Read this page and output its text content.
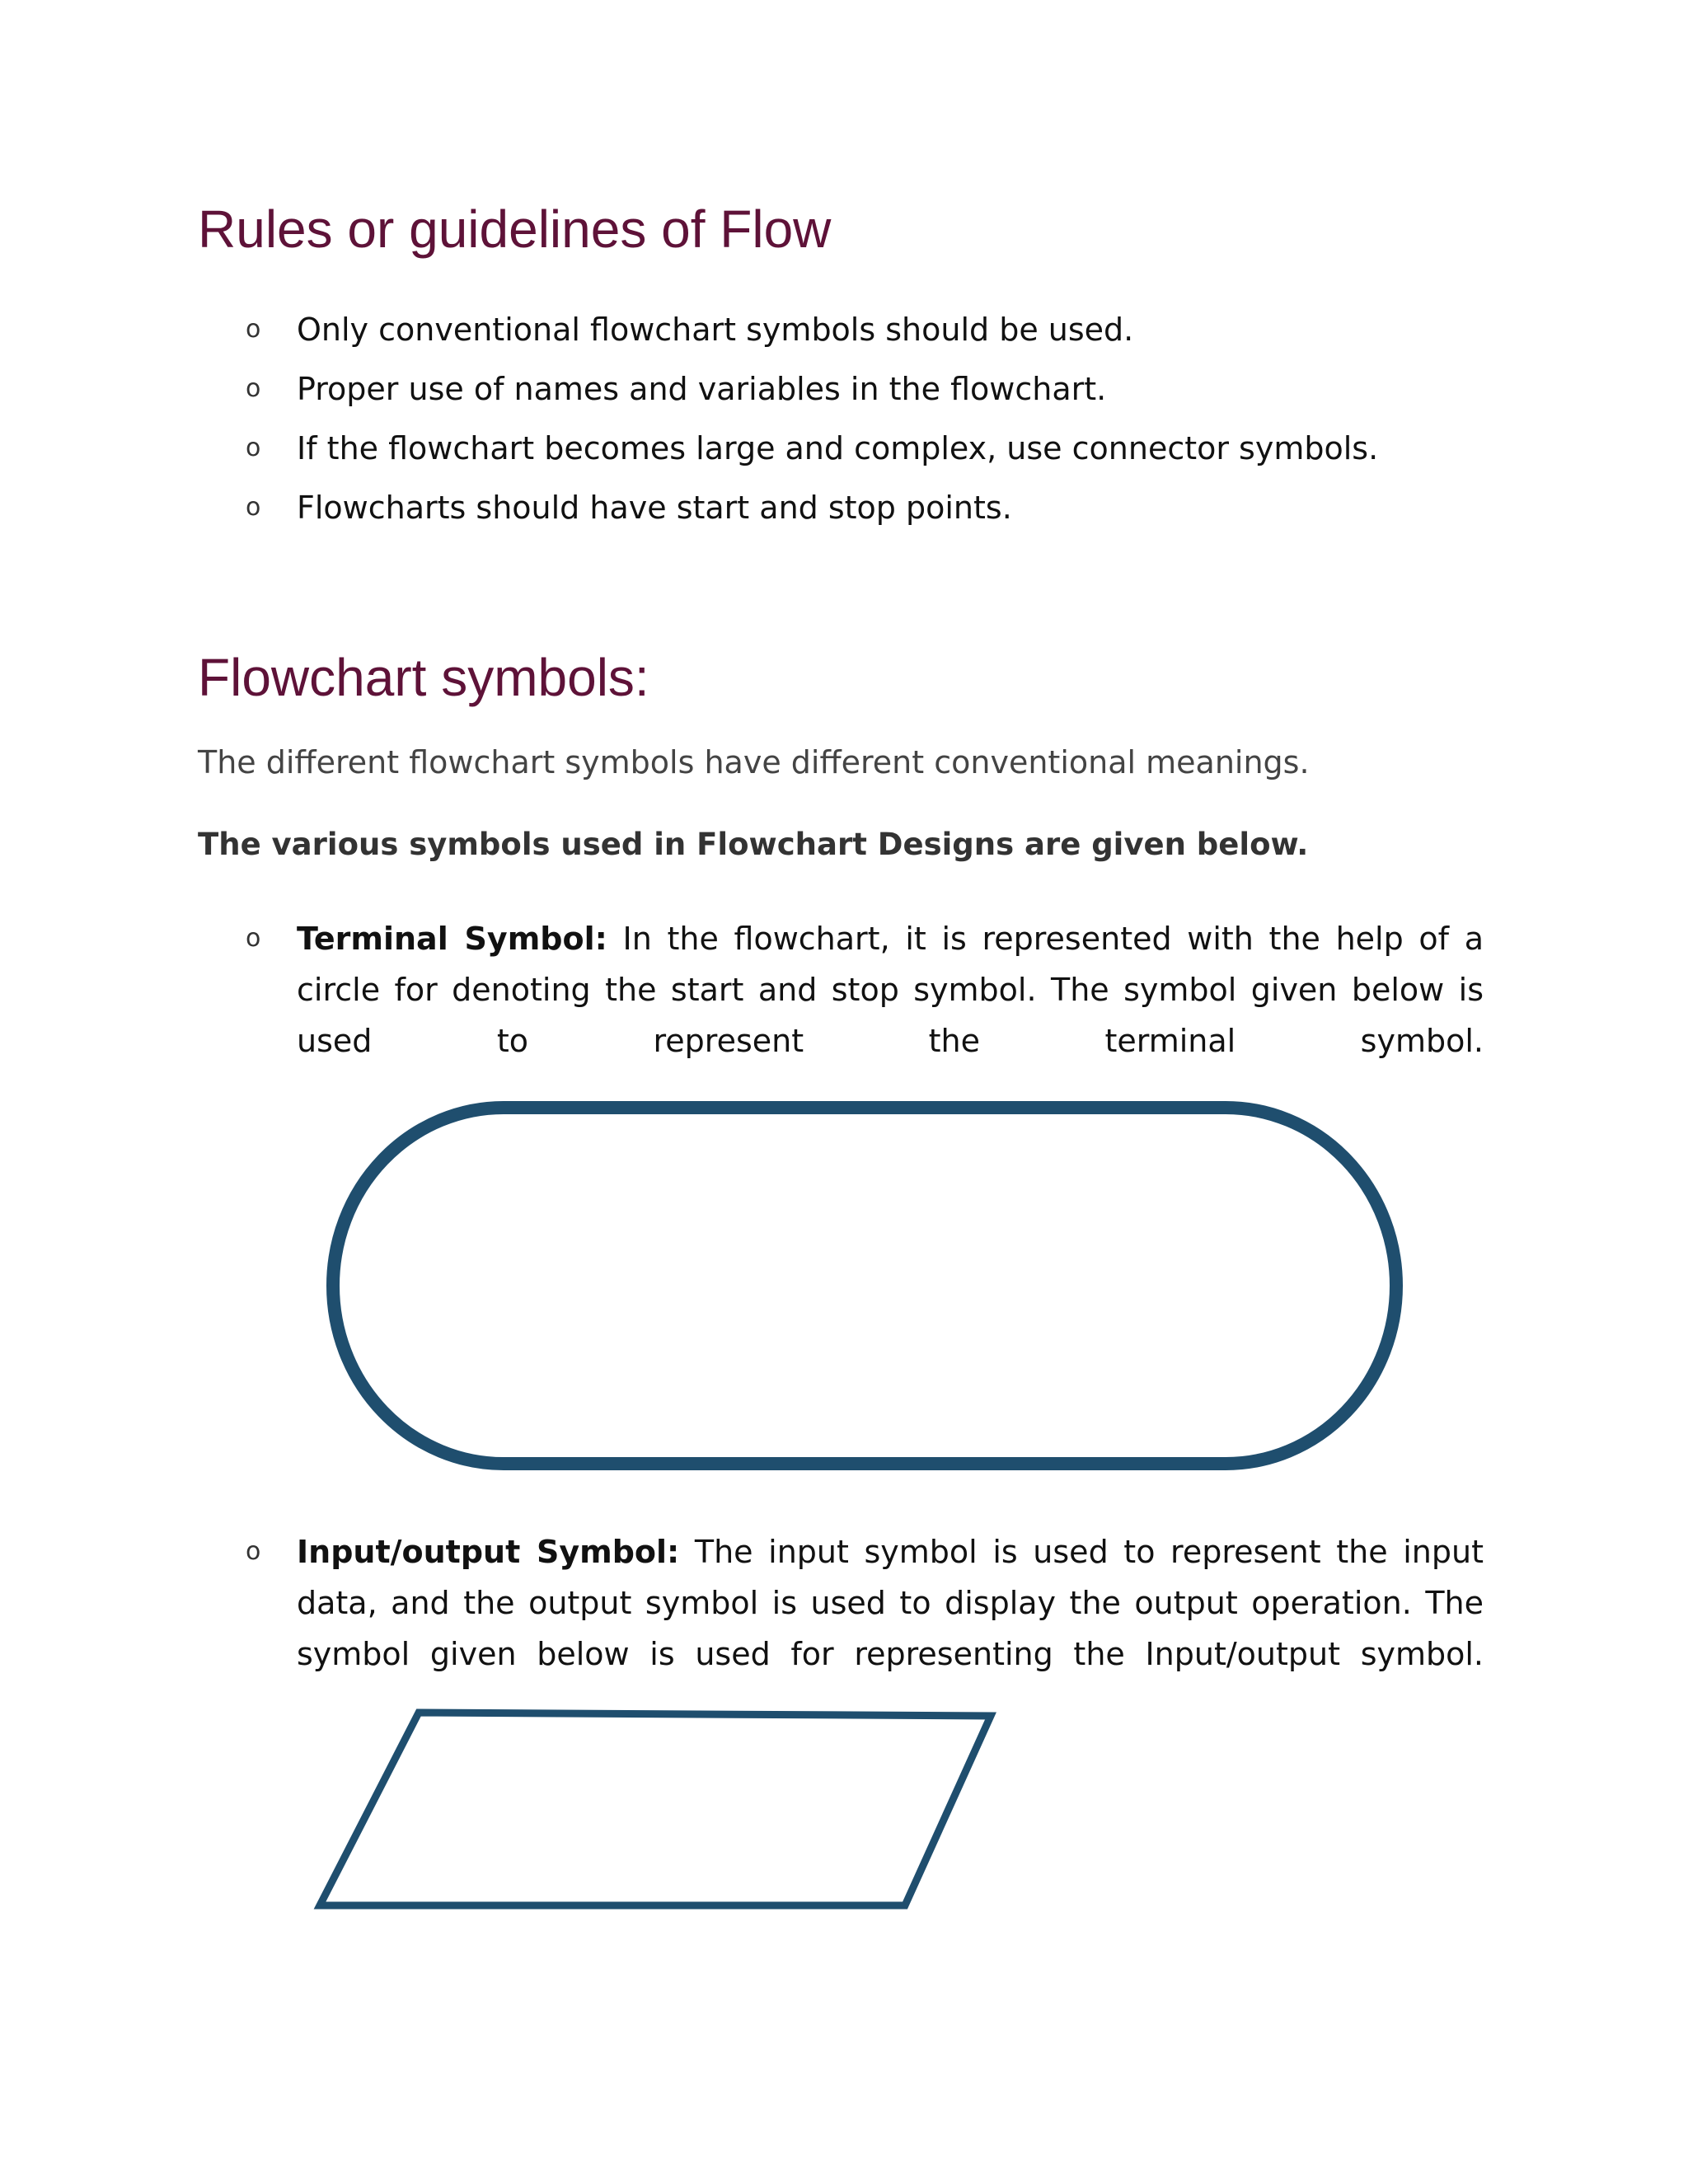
Rules or guidelines of Flow
o Only conventional flowchart symbols should be used.
o Proper use of names and variables in the flowchart.
o If the flowchart becomes large and complex, use connector symbols.
o Flowcharts should have start and stop points.
Flowchart symbols:

The different flowchart symbols have different conventional meanings.

The various symbols used in Flowchart Designs are given below.

o Terminal Symbol: In the flowchart, it is represented with the help of a circle for denoting the start and stop symbol. The symbol given below is used to represent the terminal symbol.

o Input/output Symbol: The input symbol is used to represent the input data, and the output symbol is used to display the output operation. The symbol given below is used for representing the Input/output symbol.
